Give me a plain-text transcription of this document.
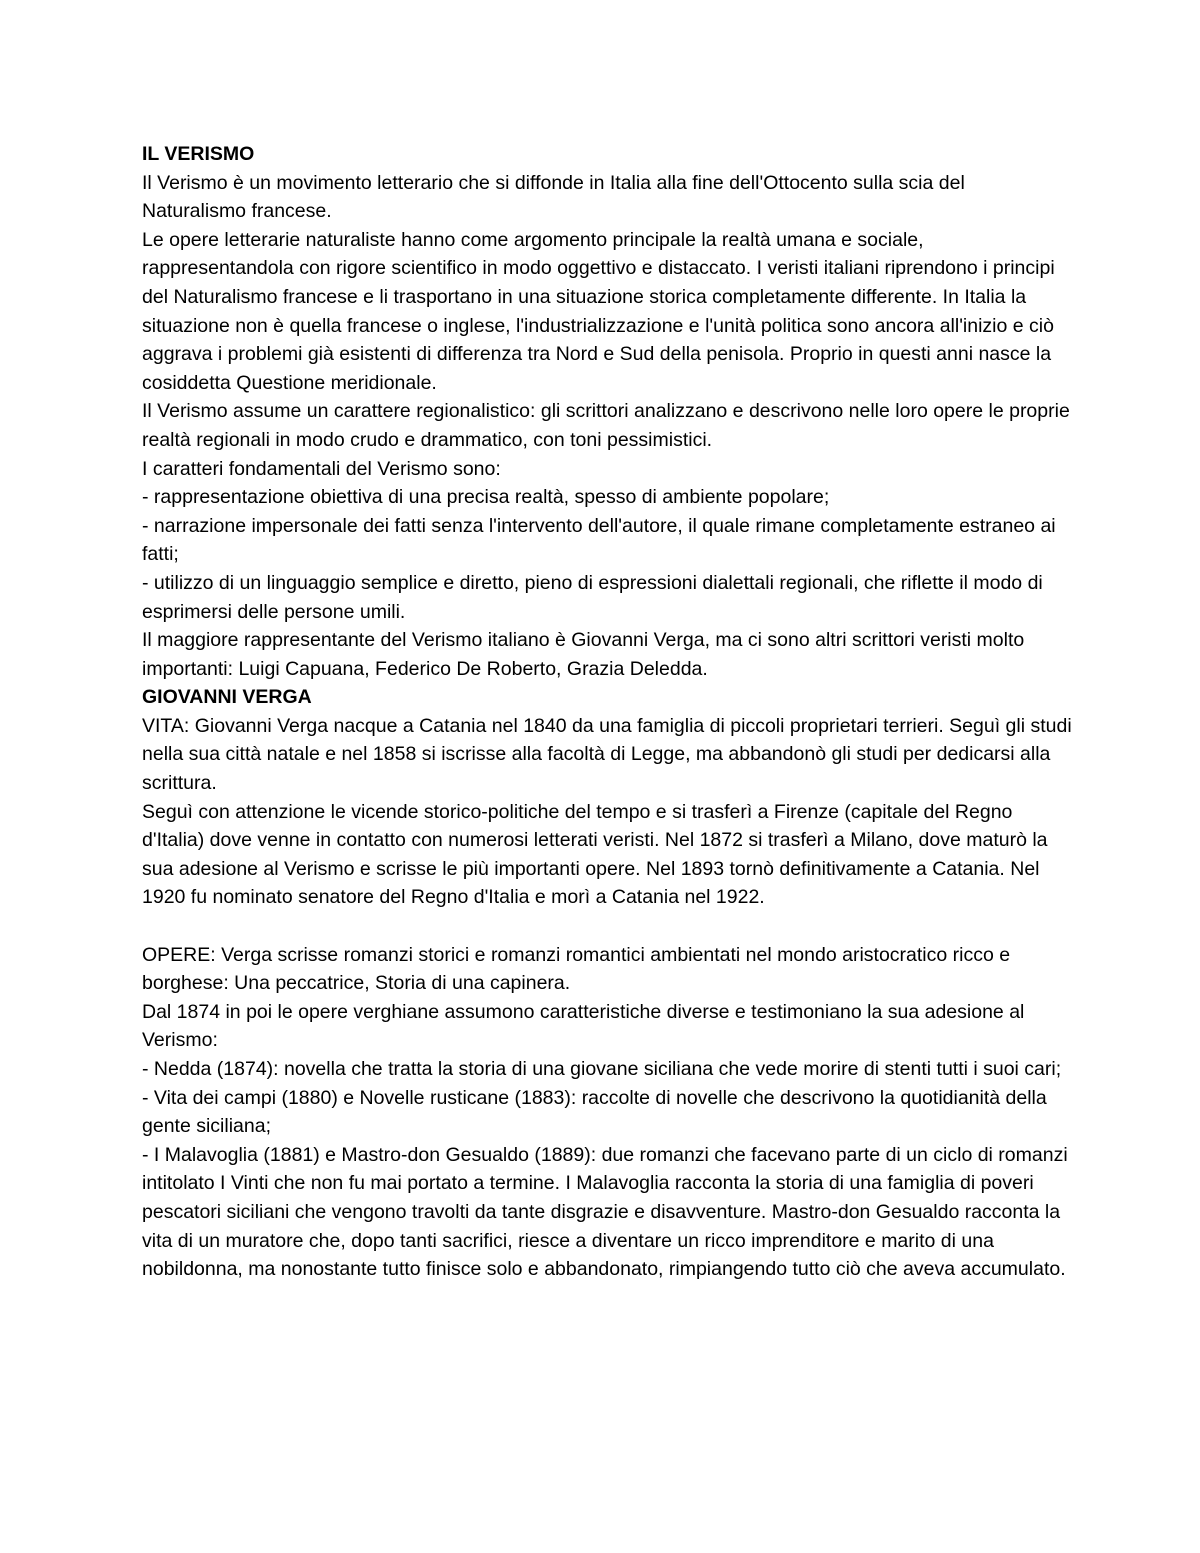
IL VERISMO

Il Verismo è un movimento letterario che si diffonde in Italia alla fine dell'Ottocento sulla scia del Naturalismo francese.

Le opere letterarie naturaliste hanno come argomento principale la realtà umana e sociale, rappresentandola con rigore scientifico in modo oggettivo e distaccato. I veristi italiani riprendono i principi del Naturalismo francese e li trasportano in una situazione storica completamente differente. In Italia la situazione non è quella francese o inglese, l'industrializzazione e l'unità politica sono ancora all'inizio e ciò aggrava i problemi già esistenti di differenza tra Nord e Sud della penisola. Proprio in questi anni nasce la cosiddetta Questione meridionale.

Il Verismo assume un carattere regionalistico: gli scrittori analizzano e descrivono nelle loro opere le proprie realtà regionali in modo crudo e drammatico, con toni pessimistici.

I caratteri fondamentali del Verismo sono:

- rappresentazione obiettiva di una precisa realtà, spesso di ambiente popolare;

- narrazione impersonale dei fatti senza l'intervento dell'autore, il quale rimane completamente estraneo ai fatti;

- utilizzo di un linguaggio semplice e diretto, pieno di espressioni dialettali regionali, che riflette il modo di esprimersi delle persone umili.

Il maggiore rappresentante del Verismo italiano è Giovanni Verga, ma ci sono altri scrittori veristi molto importanti: Luigi Capuana, Federico De Roberto, Grazia Deledda.

GIOVANNI VERGA

VITA: Giovanni Verga nacque a Catania nel 1840 da una famiglia di piccoli proprietari terrieri. Seguì gli studi nella sua città natale e nel 1858 si iscrisse alla facoltà di Legge, ma abbandonò gli studi per dedicarsi alla scrittura.

Seguì con attenzione le vicende storico-politiche del tempo e si trasferì a Firenze (capitale del Regno d'Italia) dove venne in contatto con numerosi letterati veristi. Nel 1872 si trasferì a Milano, dove maturò la sua adesione al Verismo e scrisse le più importanti opere. Nel 1893 tornò definitivamente a Catania. Nel 1920 fu nominato senatore del Regno d'Italia e morì a Catania nel 1922.

OPERE: Verga scrisse romanzi storici e romanzi romantici ambientati nel mondo aristocratico ricco e borghese: Una peccatrice, Storia di una capinera.

Dal 1874 in poi le opere verghiane assumono caratteristiche diverse e testimoniano la sua adesione al Verismo:

- Nedda (1874): novella che tratta la storia di una giovane siciliana che vede morire di stenti tutti i suoi cari;

- Vita dei campi (1880) e Novelle rusticane (1883): raccolte di novelle che descrivono la quotidianità della gente siciliana;

- I Malavoglia (1881) e Mastro-don Gesualdo (1889): due romanzi che facevano parte di un ciclo di romanzi intitolato I Vinti che non fu mai portato a termine. I Malavoglia racconta la storia di una famiglia di poveri pescatori siciliani che vengono travolti da tante disgrazie e disavventure. Mastro-don Gesualdo racconta la vita di un muratore che, dopo tanti sacrifici, riesce a diventare un ricco imprenditore e marito di una nobildonna, ma nonostante tutto finisce solo e abbandonato, rimpiangendo tutto ciò che aveva accumulato.
